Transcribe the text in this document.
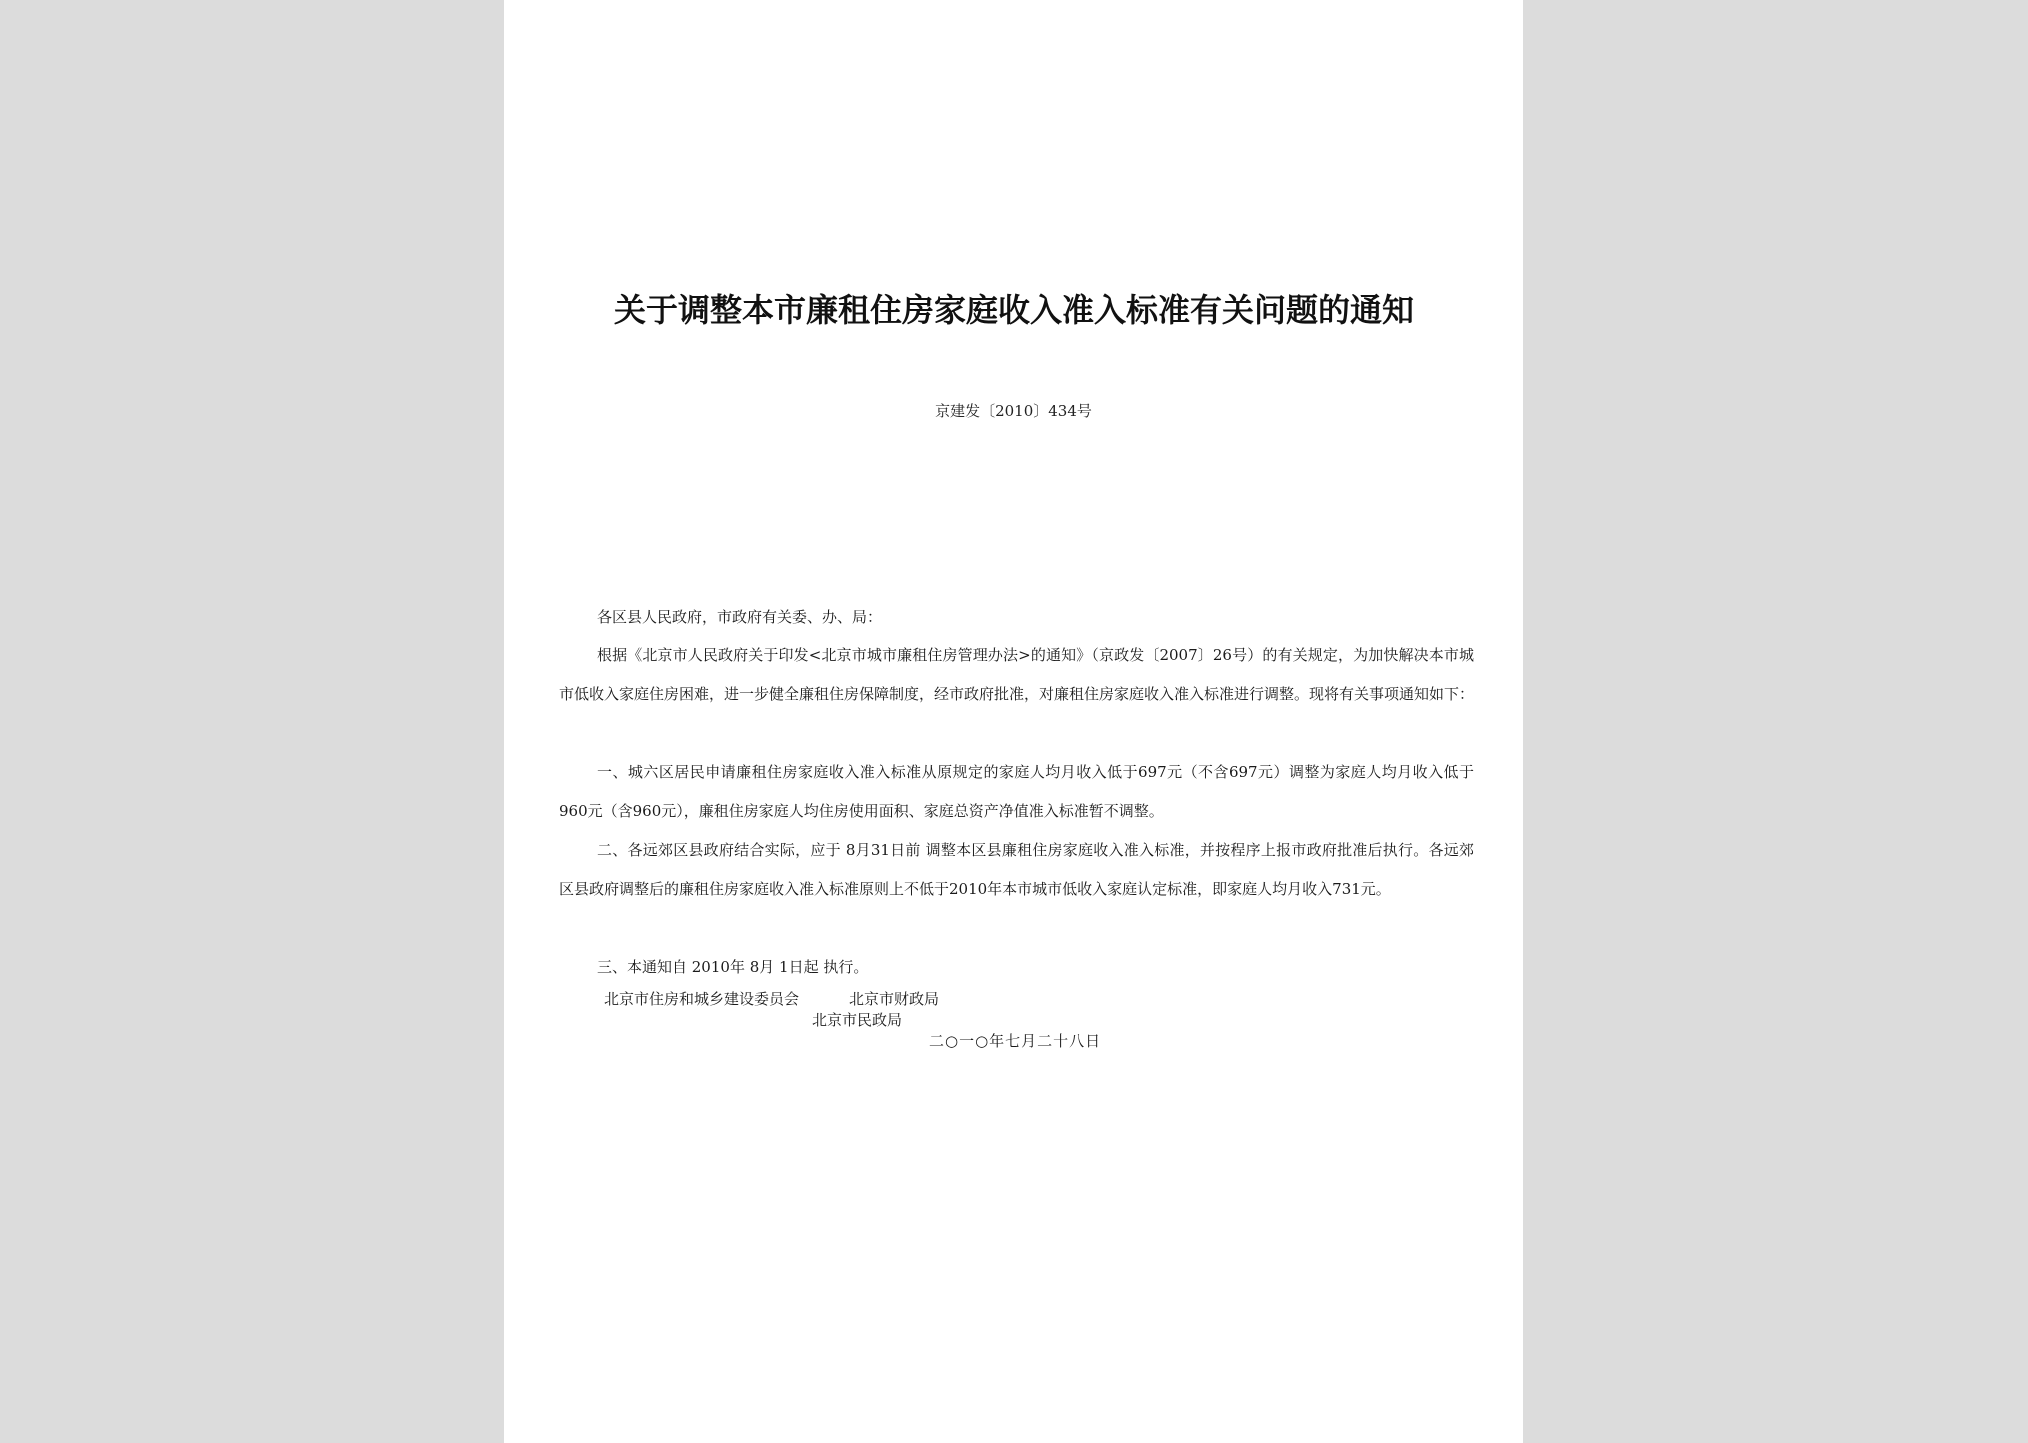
关于调整本市廉租住房家庭收入准入标准有关问题的通知
京建发〔2010〕434号
各区县人民政府，市政府有关委、办、局：

根据《北京市人民政府关于印发<北京市城市廉租住房管理办法>的通知》（京政发〔2007〕26号）的有关规定，为加快解决本市城市低收入家庭住房困难，进一步健全廉租住房保障制度，经市政府批准，对廉租住房家庭收入准入标准进行调整。现将有关事项通知如下：

一、城六区居民申请廉租住房家庭收入准入标准从原规定的家庭人均月收入低于697元（不含697元）调整为家庭人均月收入低于960元（含960元），廉租住房家庭人均住房使用面积、家庭总资产净值准入标准暂不调整。

二、各远郊区县政府结合实际，应于 8月31日前 调整本区县廉租住房家庭收入准入标准，并按程序上报市政府批准后执行。各远郊区县政府调整后的廉租住房家庭收入准入标准原则上不低于2010年本市城市低收入家庭认定标准，即家庭人均月收入731元。

三、本通知自 2010年 8月 1日起 执行。

北京市住房和城乡建设委员会	北京市财政局
北京市民政局
二○一○年七月二十八日
